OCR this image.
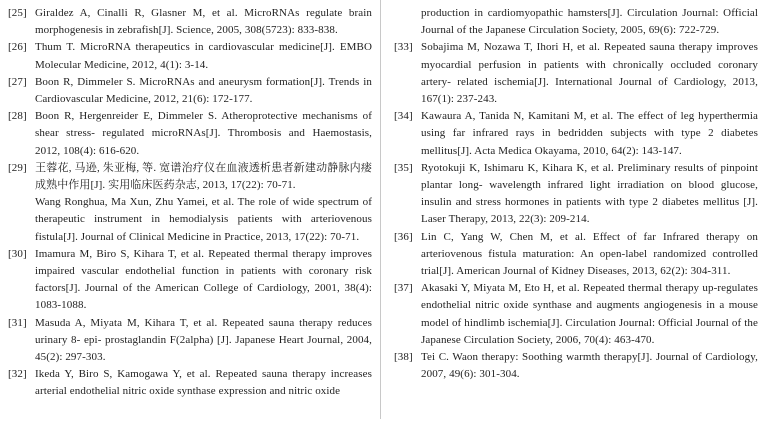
[25] Giraldez A, Cinalli R, Glasner M, et al. MicroRNAs regulate brain morphogenesis in zebrafish[J]. Science, 2005, 308(5723): 833-838.

[26] Thum T. MicroRNA therapeutics in cardiovascular medicine[J]. EMBO Molecular Medicine, 2012, 4(1): 3-14.

[27] Boon R, Dimmeler S. MicroRNAs and aneurysm formation[J]. Trends in Cardiovascular Medicine, 2012, 21(6): 172-177.

[28] Boon R, Hergenreider E, Dimmeler S. Atheroprotective mechanisms of shear stress- regulated microRNAs[J]. Thrombosis and Haemostasis, 2012, 108(4): 616-620.

[29] 王蓉花, 马逊, 朱亚梅, 等. 宽谱治疗仪在血液透析患者新建动静脉内瘘成熟中作用[J]. 实用临床医药杂志, 2013, 17(22): 70-71.

Wang Ronghua, Ma Xun, Zhu Yamei, et al. The role of wide spectrum of therapeutic instrument in hemodialysis patients with arteriovenous fistula[J]. Journal of Clinical Medicine in Practice, 2013, 17(22): 70-71.

[30] Imamura M, Biro S, Kihara T, et al. Repeated thermal therapy improves impaired vascular endothelial function in patients with coronary risk factors[J]. Journal of the American College of Cardiology, 2001, 38(4): 1083-1088.

[31] Masuda A, Miyata M, Kihara T, et al. Repeated sauna therapy reduces urinary 8- epi- prostaglandin F(2alpha) [J]. Japanese Heart Journal, 2004, 45(2): 297-303.

[32] Ikeda Y, Biro S, Kamogawa Y, et al. Repeated sauna therapy increases arterial endothelial nitric oxide synthase expression and nitric oxide

production in cardiomyopathic hamsters[J]. Circulation Journal: Official Journal of the Japanese Circulation Society, 2005, 69(6): 722-729.

[33] Sobajima M, Nozawa T, Ihori H, et al. Repeated sauna therapy improves myocardial perfusion in patients with chronically occluded coronary artery- related ischemia[J]. International Journal of Cardiology, 2013, 167(1): 237-243.

[34] Kawaura A, Tanida N, Kamitani M, et al. The effect of leg hyperthermia using far infrared rays in bedridden subjects with type 2 diabetes mellitus[J]. Acta Medica Okayama, 2010, 64(2): 143-147.

[35] Ryotokuji K, Ishimaru K, Kihara K, et al. Preliminary results of pinpoint plantar long- wavelength infrared light irradiation on blood glucose, insulin and stress hormones in patients with type 2 diabetes mellitus [J]. Laser Therapy, 2013, 22(3): 209-214.

[36] Lin C, Yang W, Chen M, et al. Effect of far Infrared therapy on arteriovenous fistula maturation: An open-label randomized controlled trial[J]. American Journal of Kidney Diseases, 2013, 62(2): 304-311.

[37] Akasaki Y, Miyata M, Eto H, et al. Repeated thermal therapy up-regulates endothelial nitric oxide synthase and augments angiogenesis in a mouse model of hindlimb ischemia[J]. Circulation Journal: Official Journal of the Japanese Circulation Society, 2006, 70(4): 463-470.

[38] Tei C. Waon therapy: Soothing warmth therapy[J]. Journal of Cardiology, 2007, 49(6): 301-304.
